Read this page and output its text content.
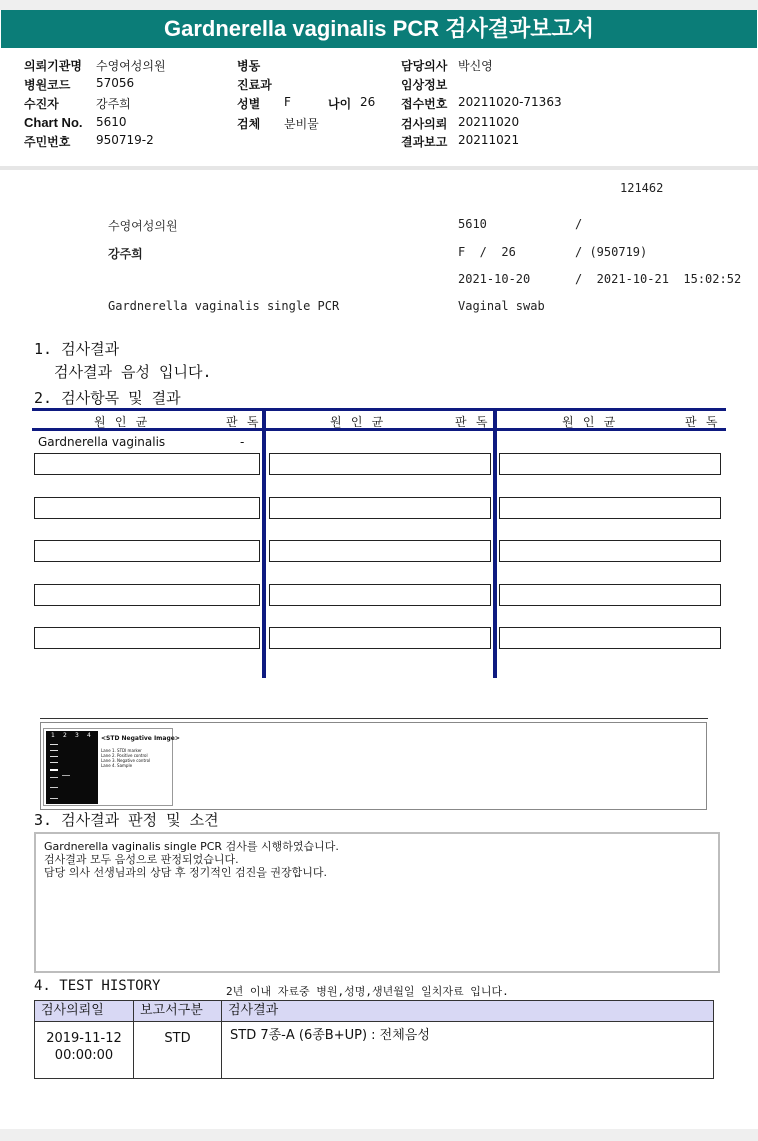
Gardnerella vaginalis PCR 검사결과보고서
의뢰기관명 수영여성의원
병원코드 57056
수진자	강주희
Chart No. 5610
주민번호 950719-2
병동
진료과
성별 F	나이 26
검체 분비물
담당의사 박신영
임상정보
접수번호 20211020-71363
검사의뢰 20211020
결과보고 20211021
121462
수영여성의원	5610	/
강주희	F  /  26	/ (950719)
2021-10-20	/  2021-10-21  15:02:52
Gardnerella vaginalis single PCR	Vaginal swab
1. 검사결과
검사결과 음성 입니다.
2. 검사항목 및 결과
원 인 균	판 독	원 인 균	판 독	원 인 균	판 독
Gardnerella vaginalis	-
1 2 3 4 <STD Negative Image>
Lane 1. STDI marker
Lane 2. Positive control
Lane 3. Negative control
Lane 4. Sample
3. 검사결과 판정 및 소견
Gardnerella vaginalis single PCR 검사를 시행하였습니다.
검사결과 모두 음성으로 판정되었습니다.
담당 의사 선생님과의 상담 후 정기적인 검진을 권장합니다.
4. TEST HISTORY	2년 이내 자료중 병원,성명,생년월일 일치자료 입니다.
검사의뢰일	보고서구분	검사결과
2019-11-12
00:00:00
STD	STD 7종-A (6종B+UP) : 전체음성
